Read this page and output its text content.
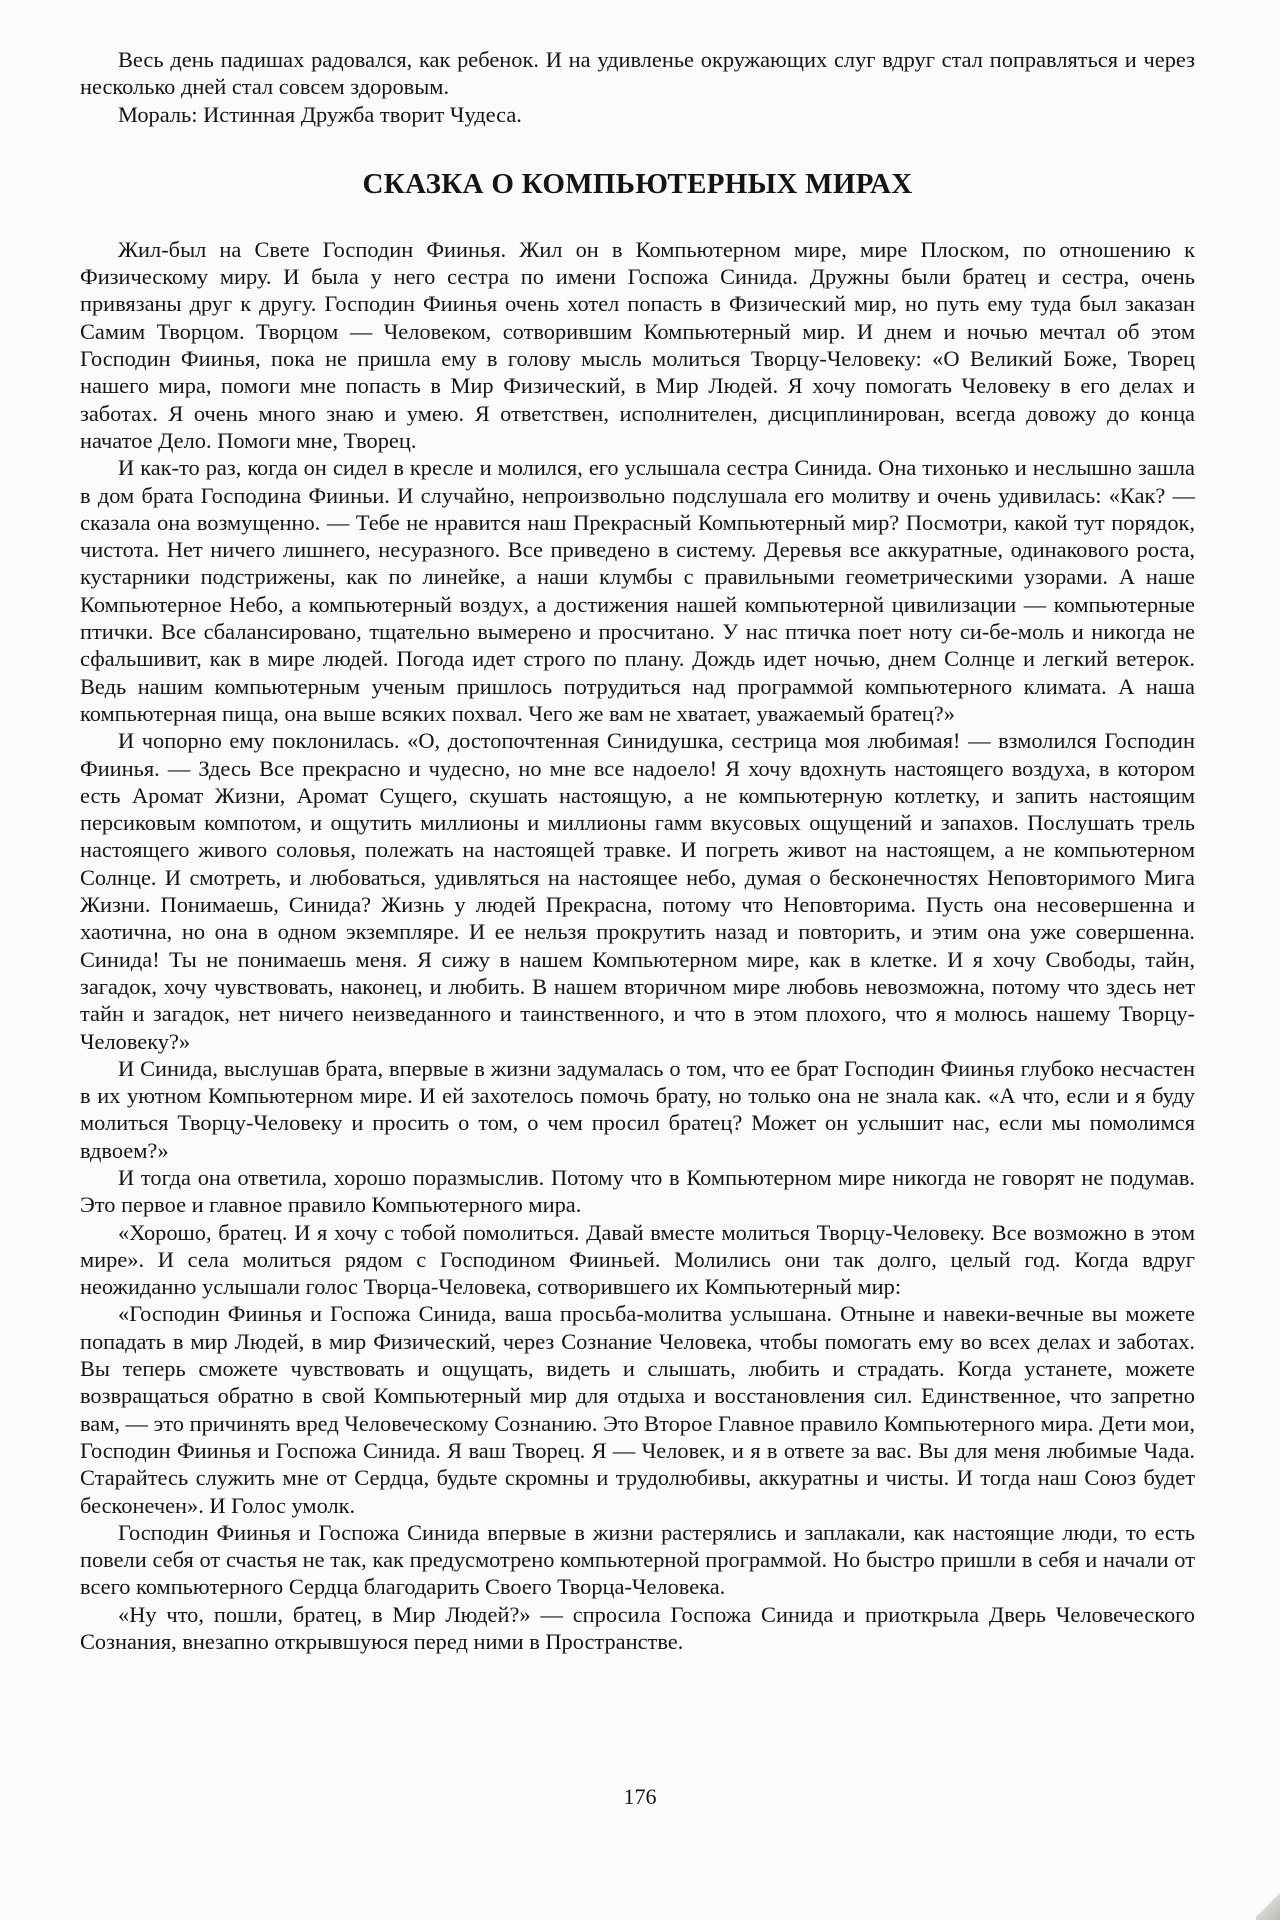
Весь день падишах радовался, как ребенок. И на удивленье окружающих слуг вдруг стал поправляться и через несколько дней стал совсем здоровым.

Мораль: Истинная Дружба творит Чудеса.

СКАЗКА О КОМПЬЮТЕРНЫХ МИРАХ

Жил-был на Свете Господин Фиинья. Жил он в Компьютерном мире, мире Плоском, по отношению к Физическому миру. И была у него сестра по имени Госпожа Синида. Дружны были братец и сестра, очень привязаны друг к другу. Господин Фиинья очень хотел попасть в Физический мир, но путь ему туда был заказан Самим Творцом. Творцом — Человеком, сотворившим Компьютерный мир. И днем и ночью мечтал об этом Господин Фиинья, пока не пришла ему в голову мысль молиться Творцу-Человеку: «О Великий Боже, Творец нашего мира, помоги мне попасть в Мир Физический, в Мир Людей. Я хочу помогать Человеку в его делах и заботах. Я очень много знаю и умею. Я ответствен, исполнителен, дисциплинирован, всегда довожу до конца начатое Дело. Помоги мне, Творец.

И как-то раз, когда он сидел в кресле и молился, его услышала сестра Синида. Она тихонько и неслышно зашла в дом брата Господина Фииньи. И случайно, непроизвольно подслушала его молитву и очень удивилась: «Как? — сказала она возмущенно. — Тебе не нравится наш Прекрасный Компьютерный мир? Посмотри, какой тут порядок, чистота. Нет ничего лишнего, несуразного. Все приведено в систему. Деревья все аккуратные, одинакового роста, кустарники подстрижены, как по линейке, а наши клумбы с правильными геометрическими узорами. А наше Компьютерное Небо, а компьютерный воздух, а достижения нашей компьютерной цивилизации — компьютерные птички. Все сбалансировано, тщательно вымерено и просчитано. У нас птичка поет ноту си-бе-моль и никогда не сфальшивит, как в мире людей. Погода идет строго по плану. Дождь идет ночью, днем Солнце и легкий ветерок. Ведь нашим компьютерным ученым пришлось потрудиться над программой компьютерного климата. А наша компьютерная пища, она выше всяких похвал. Чего же вам не хватает, уважаемый братец?»

И чопорно ему поклонилась. «О, достопочтенная Синидушка, сестрица моя любимая! — взмолился Господин Фиинья. — Здесь Все прекрасно и чудесно, но мне все надоело! Я хочу вдохнуть настоящего воздуха, в котором есть Аромат Жизни, Аромат Сущего, скушать настоящую, а не компьютерную котлетку, и запить настоящим персиковым компотом, и ощутить миллионы и миллионы гамм вкусовых ощущений и запахов. Послушать трель настоящего живого соловья, полежать на настоящей травке. И погреть живот на настоящем, а не компьютерном Солнце. И смотреть, и любоваться, удивляться на настоящее небо, думая о бесконечностях Неповторимого Мига Жизни. Понимаешь, Синида? Жизнь у людей Прекрасна, потому что Неповторима. Пусть она несовершенна и хаотична, но она в одном экземпляре. И ее нельзя прокрутить назад и повторить, и этим она уже совершенна. Синида! Ты не понимаешь меня. Я сижу в нашем Компьютерном мире, как в клетке. И я хочу Свободы, тайн, загадок, хочу чувствовать, наконец, и любить. В нашем вторичном мире любовь невозможна, потому что здесь нет тайн и загадок, нет ничего неизведанного и таинственного, и что в этом плохого, что я молюсь нашему Творцу-Человеку?»

И Синида, выслушав брата, впервые в жизни задумалась о том, что ее брат Господин Фиинья глубоко несчастен в их уютном Компьютерном мире. И ей захотелось помочь брату, но только она не знала как. «А что, если и я буду молиться Творцу-Человеку и просить о том, о чем просил братец? Может он услышит нас, если мы помолимся вдвоем?»

И тогда она ответила, хорошо поразмыслив. Потому что в Компьютерном мире никогда не говорят не подумав. Это первое и главное правило Компьютерного мира.

«Хорошо, братец. И я хочу с тобой помолиться. Давай вместе молиться Творцу-Человеку. Все возможно в этом мире». И села молиться рядом с Господином Фииньей. Молились они так долго, целый год. Когда вдруг неожиданно услышали голос Творца-Человека, сотворившего их Компьютерный мир:

«Господин Фиинья и Госпожа Синида, ваша просьба-молитва услышана. Отныне и навеки-вечные вы можете попадать в мир Людей, в мир Физический, через Сознание Человека, чтобы помогать ему во всех делах и заботах. Вы теперь сможете чувствовать и ощущать, видеть и слышать, любить и страдать. Когда устанете, можете возвращаться обратно в свой Компьютерный мир для отдыха и восстановления сил. Единственное, что запретно вам, — это причинять вред Человеческому Сознанию. Это Второе Главное правило Компьютерного мира. Дети мои, Господин Фиинья и Госпожа Синида. Я ваш Творец. Я — Человек, и я в ответе за вас. Вы для меня любимые Чада. Старайтесь служить мне от Сердца, будьте скромны и трудолюбивы, аккуратны и чисты. И тогда наш Союз будет бесконечен». И Голос умолк.

Господин Фиинья и Госпожа Синида впервые в жизни растерялись и заплакали, как настоящие люди, то есть повели себя от счастья не так, как предусмотрено компьютерной программой. Но быстро пришли в себя и начали от всего компьютерного Сердца благодарить Своего Творца-Человека.

«Ну что, пошли, братец, в Мир Людей?» — спросила Госпожа Синида и приоткрыла Дверь Человеческого Сознания, внезапно открывшуюся перед ними в Пространстве.

176
